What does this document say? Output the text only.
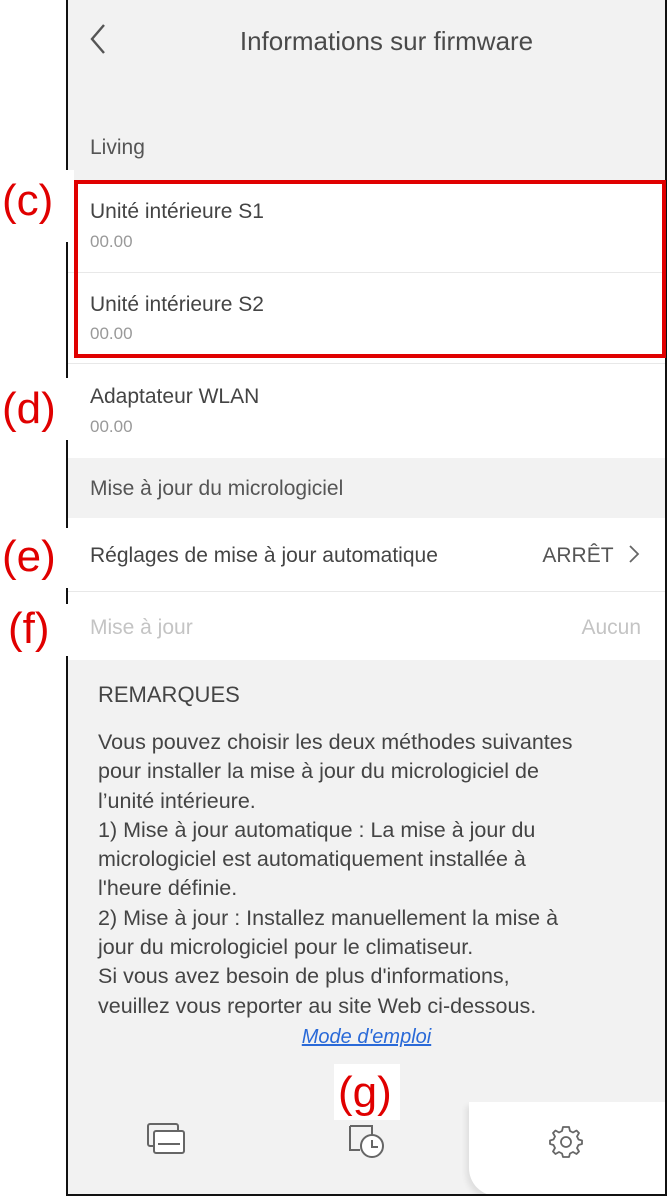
Informations sur firmware
Living
Unité intérieure S1
00.00
Unité intérieure S2
00.00
Adaptateur WLAN
00.00
Mise à jour du micrologiciel
Réglages de mise à jour automatique	ARRÊT
Mise à jour	Aucun
REMARQUES
Vous pouvez choisir les deux méthodes suivantes
pour installer la mise à jour du micrologiciel de
l’unité intérieure.
1) Mise à jour automatique : La mise à jour du
micrologiciel est automatiquement installée à
l'heure définie.
2) Mise à jour : Installez manuellement la mise à
jour du micrologiciel pour le climatiseur.
Si vous avez besoin de plus d'informations,
veuillez vous reporter au site Web ci-dessous.
Mode d'emploi
(c)
(d)
(e)
(f)
(g)
